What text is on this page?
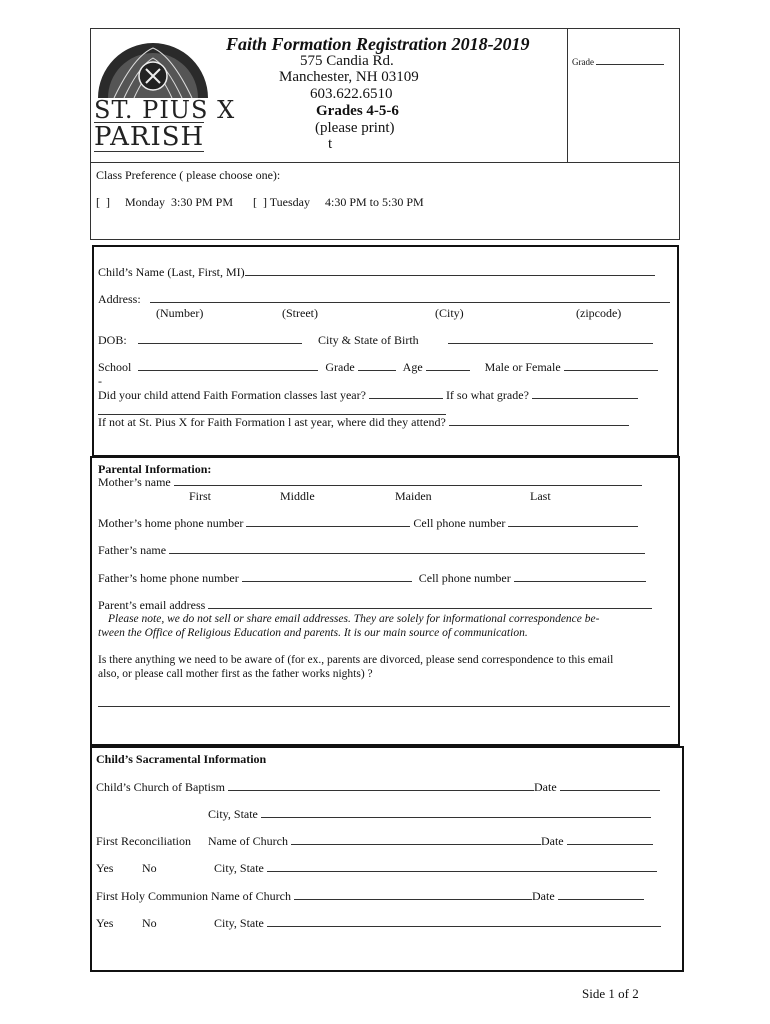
ST. PIUS X
PARISH
Faith Formation Registration 2018-2019
575 Candia Rd.
Manchester, NH 03109
603.622.6510
Grades 4-5-6
(please print)
t
Grade
Class Preference ( please choose one):
[  ]     Monday  3:30 PM PM [  ] Tuesday     4:30 PM to 5:30 PM
Child’s Name (Last, First, MI)
Address:
(Number)	(Street)	(City)	(zipcode)
DOB:	City & State of Birth
School	Grade	Age	Male or Female
-
Did your child attend Faith Formation classes last year?	If so what grade?
If not at St. Pius X for Faith Formation l ast year, where did they attend?
Parental Information:
Mother’s name
First	Middle	Maiden	Last
Mother’s home phone number	Cell phone number
Father’s name
Father’s home phone number	Cell phone number
Parent’s email address
Please note, we do not sell or share email addresses. They are solely for informational correspondence be-
tween the Office of Religious Education and parents. It is our main source of communication.
Is there anything we need to be aware of (for ex., parents are divorced, please send correspondence to this email
also, or please call mother first as the father works nights) ?
Child’s Sacramental Information
Child’s Church of Baptism	Date
City, State
First Reconciliation Name of Church	Date
Yes No	City, State
First Holy Communion Name of Church	Date
Yes No	City, State
Side 1 of 2
